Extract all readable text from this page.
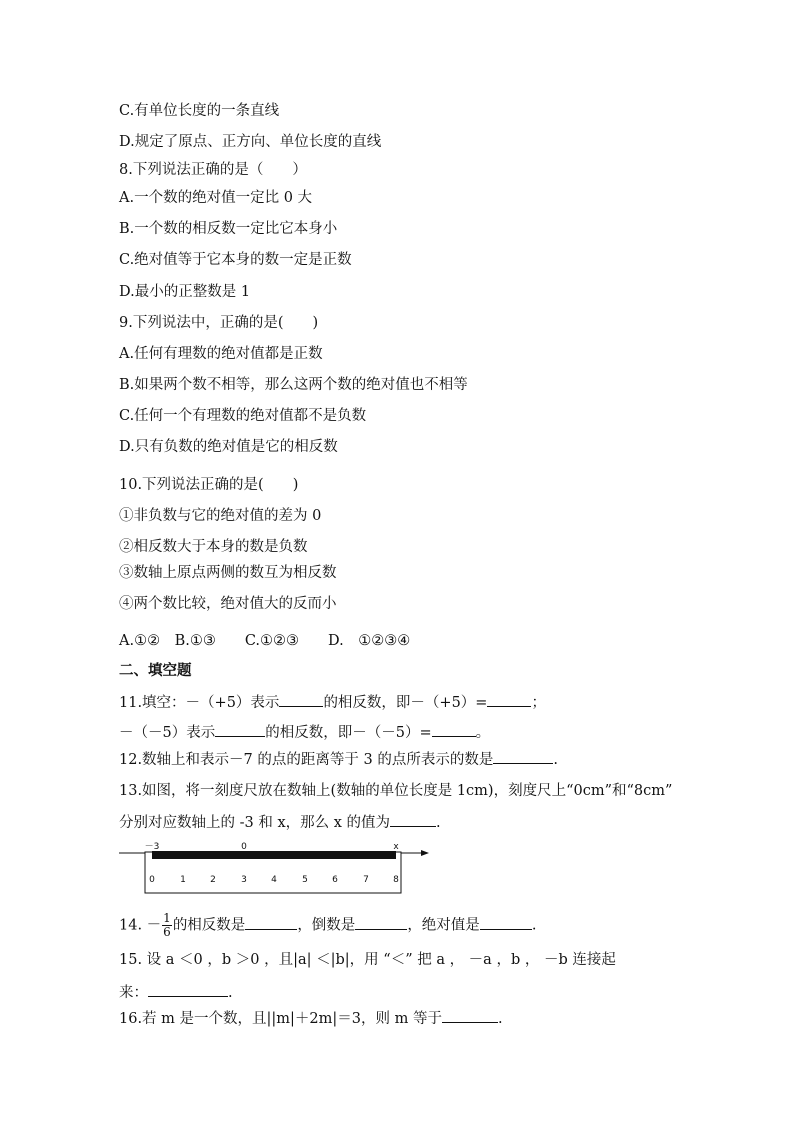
C.有单位长度的一条直线
D.规定了原点、正方向、单位长度的直线
8.下列说法正确的是（　　）
A.一个数的绝对值一定比 0 大
B.一个数的相反数一定比它本身小
C.绝对值等于它本身的数一定是正数
D.最小的正整数是 1
9.下列说法中，正确的是(　　)
A.任何有理数的绝对值都是正数
B.如果两个数不相等，那么这两个数的绝对值也不相等
C.任何一个有理数的绝对值都不是负数
D.只有负数的绝对值是它的相反数
10.下列说法正确的是(　　)
①非负数与它的绝对值的差为 0
②相反数大于本身的数是负数
③数轴上原点两侧的数互为相反数
④两个数比较，绝对值大的反而小
A.①②　B.①③　　C.①②③　　D.　①②③④
二、填空题
11.填空：－（+5）表示	的相反数，即－（+5）=	；
－（－5）表示	的相反数，即－（－5）=	。
12.数轴上和表示－7 的点的距离等于 3 的点所表示的数是	.
13.如图，将一刻度尺放在数轴上(数轴的单位长度是 1cm)，刻度尺上“0cm”和“8cm”
分别对应数轴上的 -3 和 x，那么 x 的值为	.
－3	0	x
0	1	2	3	4	5	6	7	8
14. － $\frac{1}{6}$ 的相反数是	，倒数是	，绝对值是	.
15. 设 a ＜0 ，b ＞0 ，且|a| ＜|b|，用 “＜” 把 a ， －a ，b ， －b 连接起
来：	.
16.若 m 是一个数，且||m|＋2m|＝3，则 m 等于	.
